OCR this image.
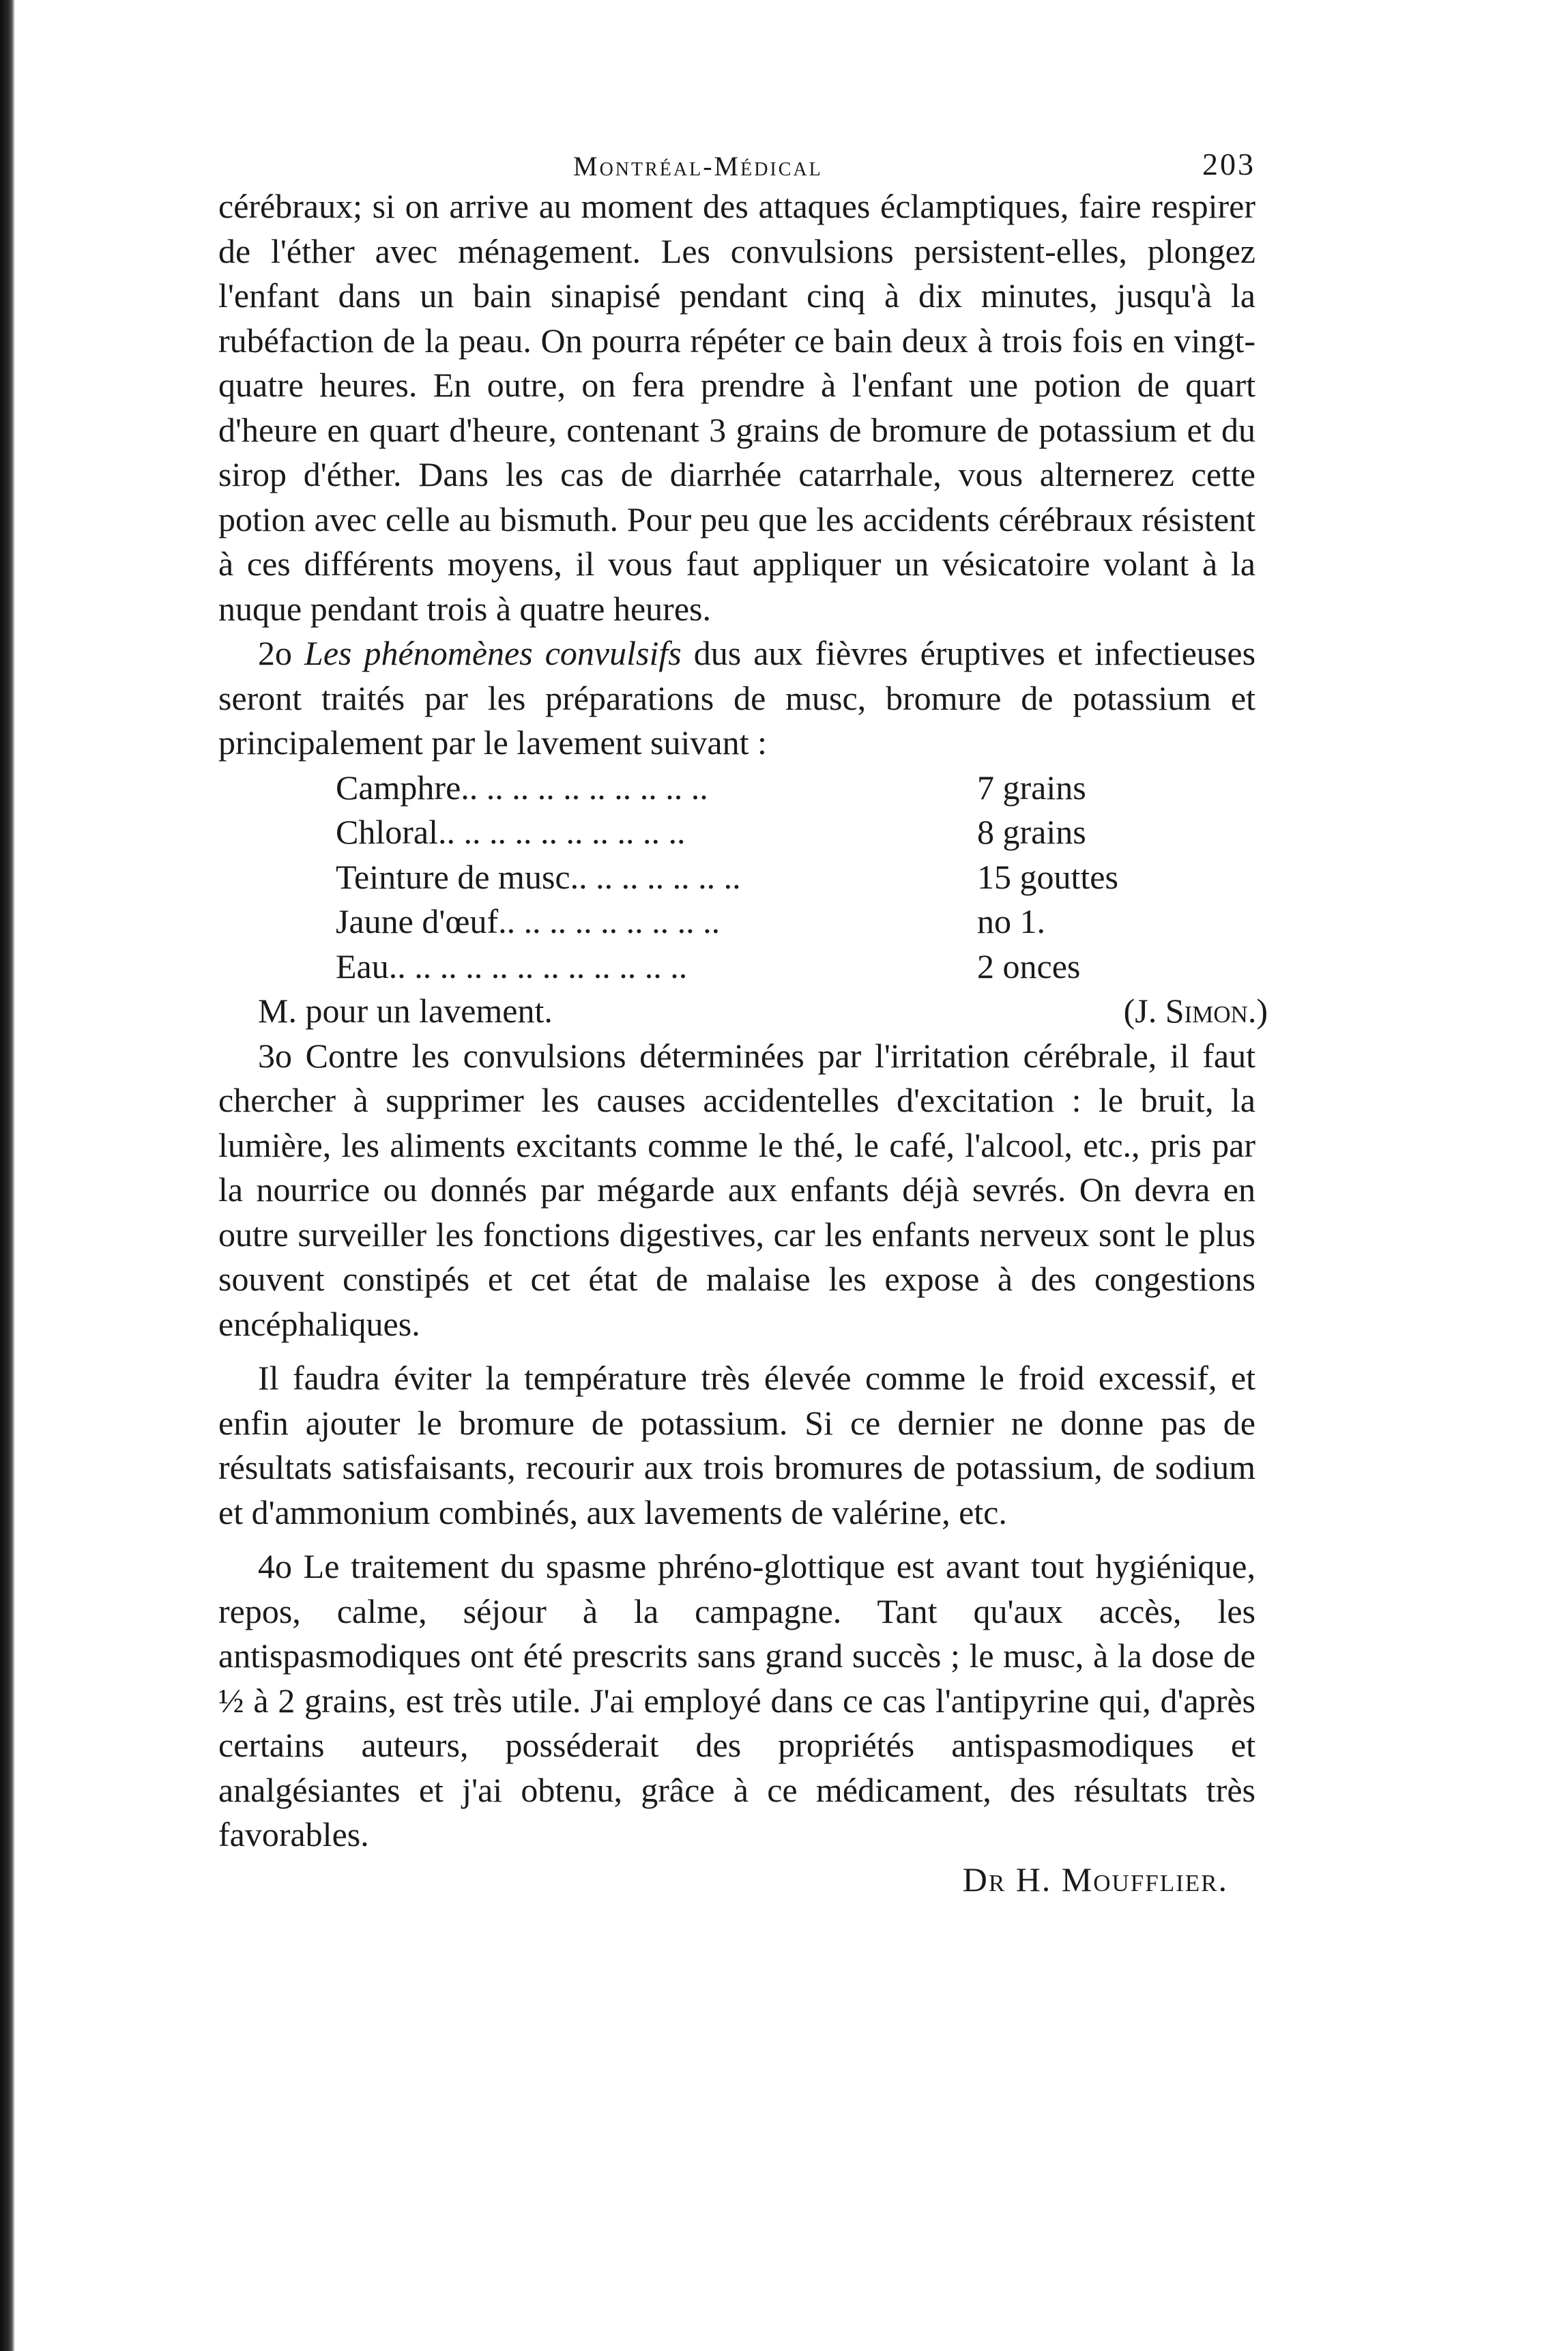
Montréal-Médical	203

cérébraux; si on arrive au moment des attaques éclamptiques, faire respirer de l'éther avec ménagement. Les convulsions persistent-elles, plongez l'enfant dans un bain sinapisé pendant cinq à dix minutes, jusqu'à la rubéfaction de la peau. On pourra répéter ce bain deux à trois fois en vingt-quatre heures. En outre, on fera prendre à l'enfant une potion de quart d'heure en quart d'heure, contenant 3 grains de bromure de potassium et du sirop d'éther. Dans les cas de diarrhée catarrhale, vous alternerez cette potion avec celle au bismuth. Pour peu que les accidents cérébraux résistent à ces différents moyens, il vous faut appliquer un vésicatoire volant à la nuque pendant trois à quatre heures.

2o Les phénomènes convulsifs dus aux fièvres éruptives et infectieuses seront traités par les préparations de musc, bromure de potassium et principalement par le lavement suivant :

Camphre.. .. .. .. .. .. .. .. .. ..	7 grains
Chloral.. .. .. .. .. .. .. .. .. ..	8 grains
Teinture de musc.. .. .. .. .. .. ..	15 gouttes
Jaune d'œuf.. .. .. .. .. .. .. .. ..	no 1.
Eau.. .. .. .. .. .. .. .. .. .. .. ..	2 onces
M. pour un lavement.	(J. Simon.)

3o Contre les convulsions déterminées par l'irritation cérébrale, il faut chercher à supprimer les causes accidentelles d'excitation : le bruit, la lumière, les aliments excitants comme le thé, le café, l'alcool, etc., pris par la nourrice ou donnés par mégarde aux enfants déjà sevrés. On devra en outre surveiller les fonctions digestives, car les enfants nerveux sont le plus souvent constipés et cet état de malaise les expose à des congestions encéphaliques.

Il faudra éviter la température très élevée comme le froid excessif, et enfin ajouter le bromure de potassium. Si ce dernier ne donne pas de résultats satisfaisants, recourir aux trois bromures de potassium, de sodium et d'ammonium combinés, aux lavements de valérine, etc.

4o Le traitement du spasme phréno-glottique est avant tout hygiénique, repos, calme, séjour à la campagne. Tant qu'aux accès, les antispasmodiques ont été prescrits sans grand succès ; le musc, à la dose de ½ à 2 grains, est très utile. J'ai employé dans ce cas l'antipyrine qui, d'après certains auteurs, posséderait des propriétés antispasmodiques et analgésiantes et j'ai obtenu, grâce à ce médicament, des résultats très favorables.

Dr H. Moufflier.
